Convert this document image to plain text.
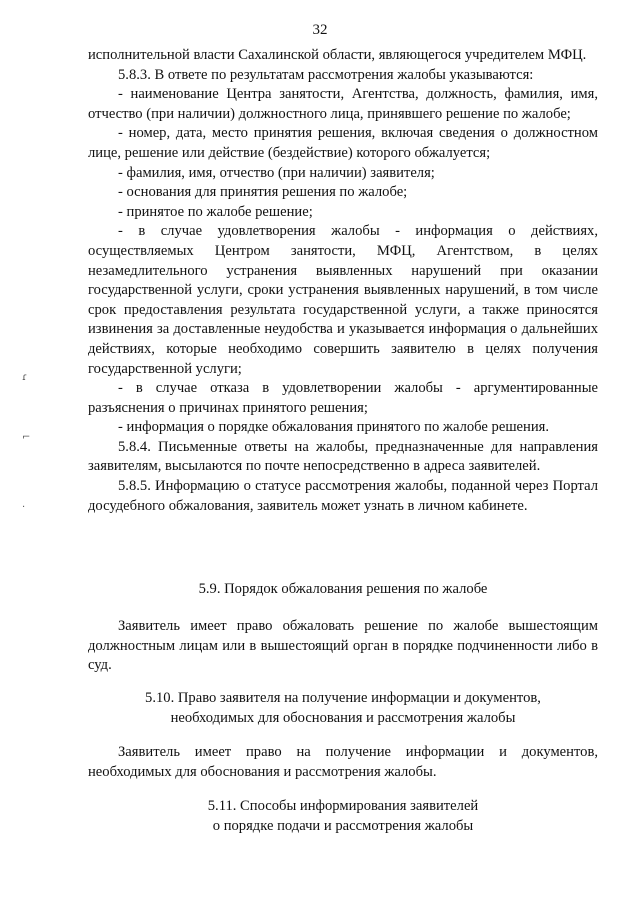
32
ɾ
⌐
·

исполнительной власти Сахалинской области, являющегося учредителем МФЦ.

5.8.3. В ответе по результатам рассмотрения жалобы указываются:

- наименование Центра занятости, Агентства, должность, фамилия, имя, отчество (при наличии) должностного лица, принявшего решение по жалобе;

- номер, дата, место принятия решения, включая сведения о должностном лице, решение или действие (бездействие) которого обжалуется;

- фамилия, имя, отчество (при наличии) заявителя;

- основания для принятия решения по жалобе;

- принятое по жалобе решение;

- в случае удовлетворения жалобы - информация о действиях, осуществляемых Центром занятости, МФЦ, Агентством, в целях незамедлительного устранения выявленных нарушений при оказании государственной услуги, сроки устранения выявленных нарушений, в том числе срок предоставления результата государственной услуги, а также приносятся извинения за доставленные неудобства и указывается информация о дальнейших действиях, которые необходимо совершить заявителю в целях получения государственной услуги;

- в случае отказа в удовлетворении жалобы - аргументированные разъяснения о причинах принятого решения;

- информация о порядке обжалования принятого по жалобе решения.

5.8.4. Письменные ответы на жалобы, предназначенные для направления заявителям, высылаются по почте непосредственно в адреса заявителей.

5.8.5. Информацию о статусе рассмотрения жалобы, поданной через Портал досудебного обжалования, заявитель может узнать в личном кабинете.

5.9. Порядок обжалования решения по жалобе

Заявитель имеет право обжаловать решение по жалобе вышестоящим должностным лицам или в вышестоящий орган в порядке подчиненности либо в суд.

5.10. Право заявителя на получение информации и документов,
необходимых для обоснования и рассмотрения жалобы

Заявитель имеет право на получение информации и документов, необходимых для обоснования и рассмотрения жалобы.

5.11. Способы информирования заявителей
о порядке подачи и рассмотрения жалобы
